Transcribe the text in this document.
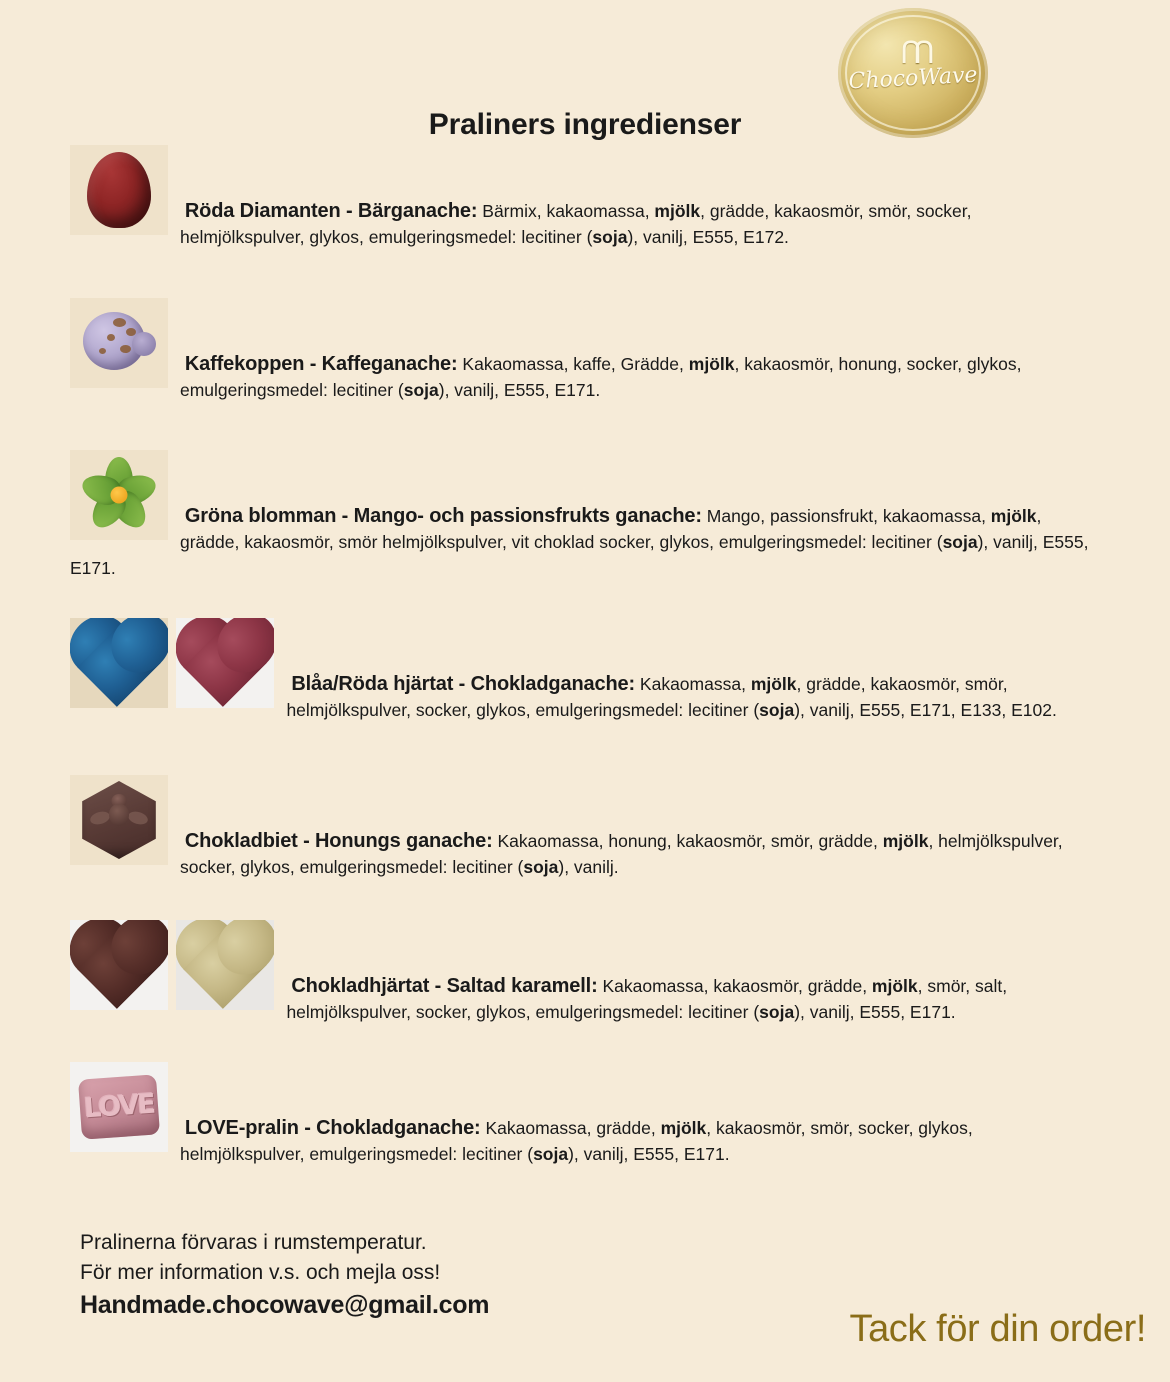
ꓵꓵ
ChocoWave
Praliners ingredienser
Röda Diamanten - Bärganache: Bärmix, kakaomassa, mjölk, grädde, kakaosmör, smör, socker, helmjölkspulver, glykos, emulgeringsmedel: lecitiner (soja), vanilj, E555, E172.
Kaffekoppen - Kaffeganache: Kakaomassa, kaffe, Grädde, mjölk, kakaosmör, honung, socker, glykos, emulgeringsmedel: lecitiner (soja), vanilj, E555, E171.
Gröna blomman - Mango- och passionsfrukts ganache: Mango, passionsfrukt, kakaomassa, mjölk, grädde, kakaosmör, smör helmjölkspulver, vit choklad socker, glykos, emulgeringsmedel: lecitiner (soja), vanilj, E555, E171.

Blåa/Röda hjärtat - Chokladganache: Kakaomassa, mjölk, grädde, kakaosmör, smör, helmjölkspulver, socker, glykos, emulgeringsmedel: lecitiner (soja), vanilj, E555, E171, E133, E102.
Chokladbiet - Honungs ganache: Kakaomassa, honung, kakaosmör, smör, grädde, mjölk, helmjölkspulver, socker, glykos, emulgeringsmedel: lecitiner (soja), vanilj.

Chokladhjärtat - Saltad karamell: Kakaomassa, kakaosmör, grädde, mjölk, smör, salt, helmjölkspulver, socker, glykos, emulgeringsmedel: lecitiner (soja), vanilj, E555, E171.
LOVE
LOVE-pralin - Chokladganache: Kakaomassa, grädde, mjölk, kakaosmör, smör, socker, glykos, helmjölkspulver, emulgeringsmedel: lecitiner (soja), vanilj, E555, E171.
Pralinerna förvaras i rumstemperatur.
För mer information v.s. och mejla oss!
Handmade.chocowave@gmail.com
Tack för din order!
